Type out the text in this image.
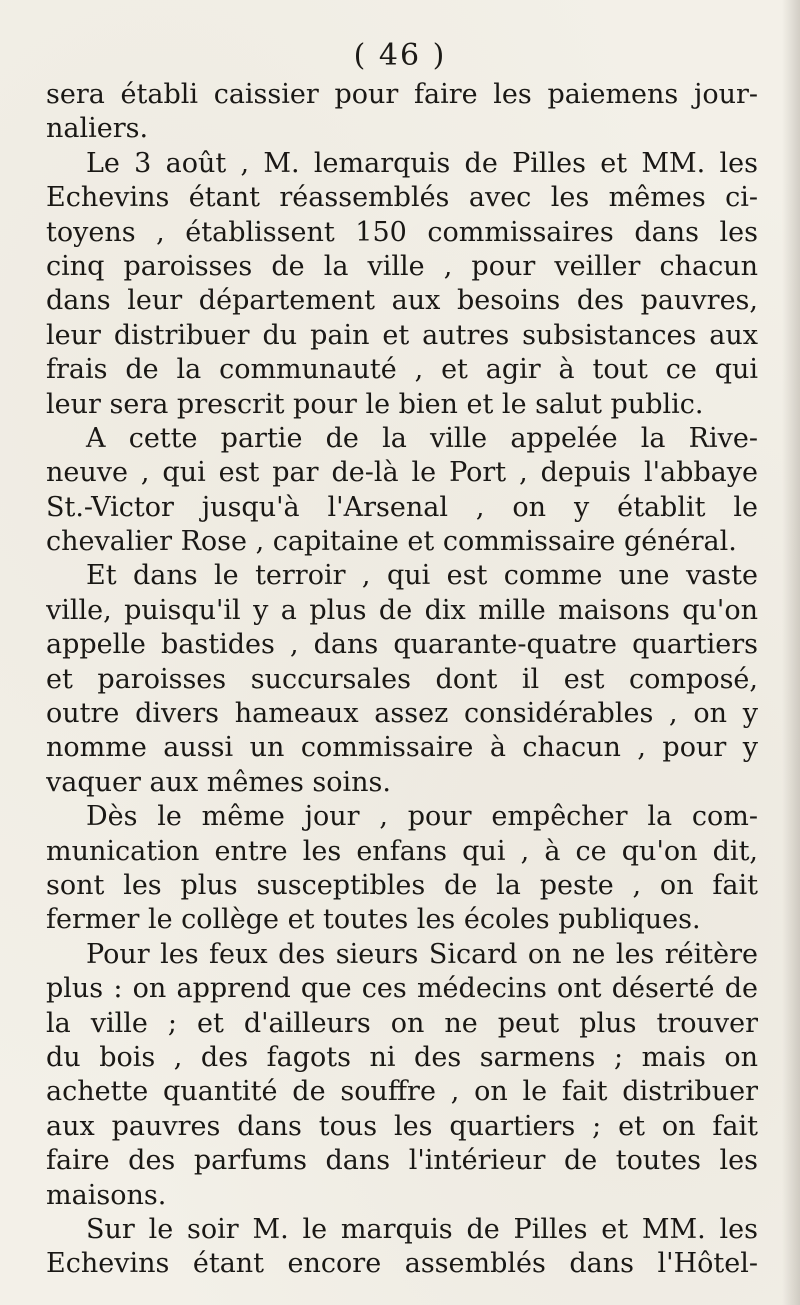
( 46 )
sera établi caissier pour faire les paiemens jour-
naliers.
Le 3 août , M. lemarquis de Pilles et MM. les
Echevins étant réassemblés avec les mêmes ci-
toyens , établissent 150 commissaires dans les
cinq paroisses de la ville , pour veiller chacun
dans leur département aux besoins des pauvres,
leur distribuer du pain et autres subsistances aux
frais de la communauté , et agir à tout ce qui
leur sera prescrit pour le bien et le salut public.
A cette partie de la ville appelée la Rive-
neuve , qui est par de-là le Port , depuis l'abbaye
St.-Victor jusqu'à l'Arsenal , on y établit le
chevalier Rose , capitaine et commissaire général.
Et dans le terroir , qui est comme une vaste
ville, puisqu'il y a plus de dix mille maisons qu'on
appelle bastides , dans quarante-quatre quartiers
et paroisses succursales dont il est composé,
outre divers hameaux assez considérables , on y
nomme aussi un commissaire à chacun , pour y
vaquer aux mêmes soins.
Dès le même jour , pour empêcher la com-
munication entre les enfans qui , à ce qu'on dit,
sont les plus susceptibles de la peste , on fait
fermer le collège et toutes les écoles publiques.
Pour les feux des sieurs Sicard on ne les réitère
plus : on apprend que ces médecins ont déserté de
la ville ; et d'ailleurs on ne peut plus trouver
du bois , des fagots ni des sarmens ; mais on
achette quantité de souffre , on le fait distribuer
aux pauvres dans tous les quartiers ; et on fait
faire des parfums dans l'intérieur de toutes les
maisons.
Sur le soir M. le marquis de Pilles et MM. les
Echevins étant encore assemblés dans l'Hôtel-
